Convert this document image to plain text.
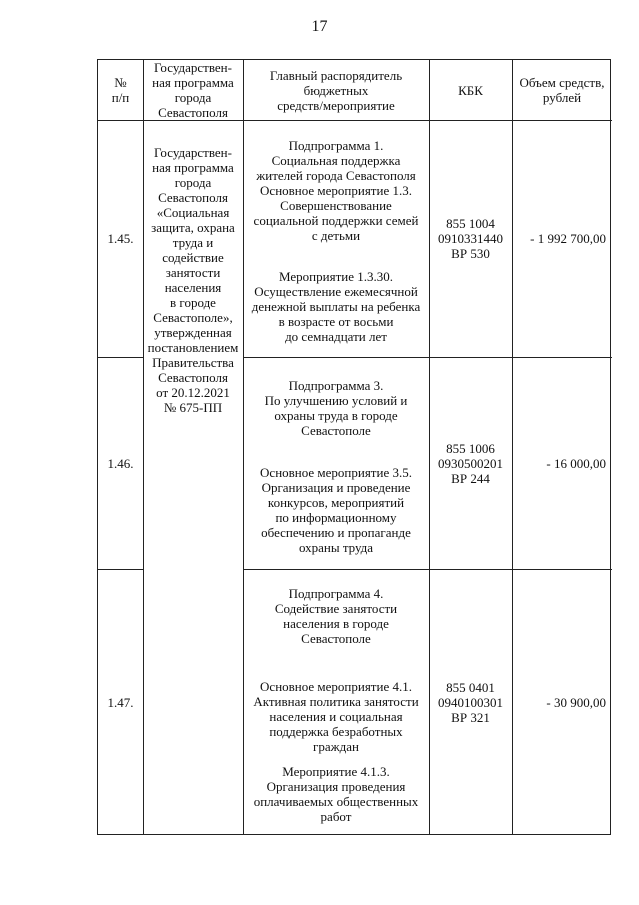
17
№
п/п
Государствен-
ная программа
города
Севастополя
Главный распорядитель
бюджетных
средств/мероприятие
КБК	Объем средств,
рублей
Государствен-
ная программа
города
Севастополя
«Социальная
защита, охрана
труда и
содействие
занятости
населения
в городе
Севастополе»,
утвержденная
постановлением
Правительства
Севастополя
от 20.12.2021
№ 675-ПП
1.45.
Подпрограмма 1.
Социальная поддержка
жителей города Севастополя
Основное мероприятие 1.3.
Совершенствование
социальной поддержки семей
с детьми
Мероприятие 1.3.30.
Осуществление ежемесячной
денежной выплаты на ребенка
в возрасте от восьми
до семнадцати лет
855 1004
0910331440
ВР 530
- 1 992 700,00
1.46.
Подпрограмма 3.
По улучшению условий и
охраны труда в городе
Севастополе
Основное мероприятие 3.5.
Организация и проведение
конкурсов, мероприятий
по информационному
обеспечению и пропаганде
охраны труда
855 1006
0930500201
ВР 244
- 16 000,00
1.47.
Подпрограмма 4.
Содействие занятости
населения в городе
Севастополе
Основное мероприятие 4.1.
Активная политика занятости
населения и социальная
поддержка безработных
граждан
Мероприятие 4.1.3.
Организация проведения
оплачиваемых общественных
работ
855 0401
0940100301
ВР 321
- 30 900,00
